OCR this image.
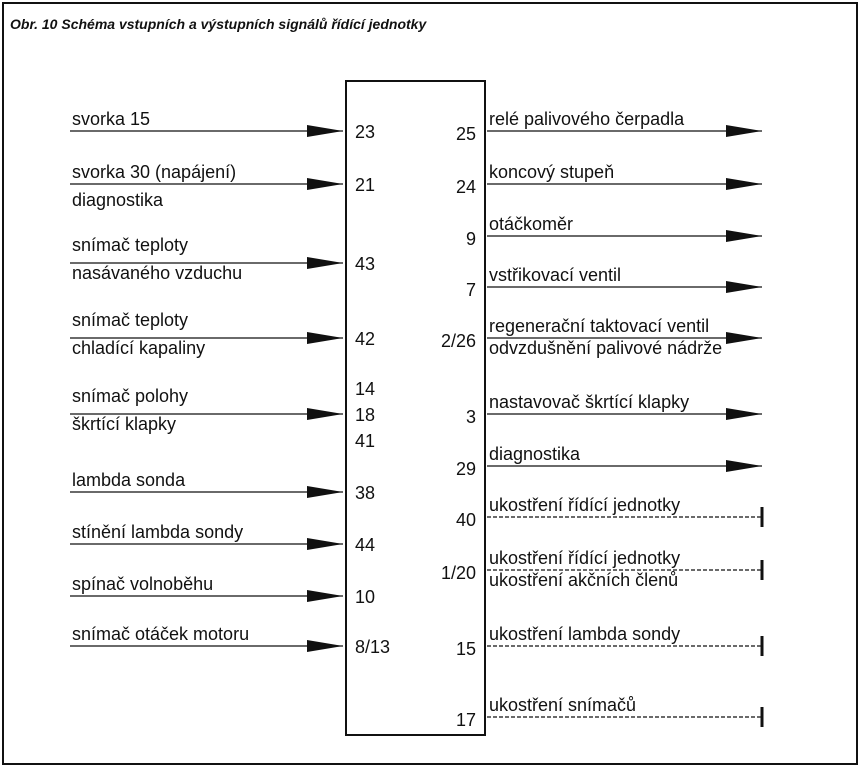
Obr. 10 Schéma vstupních a výstupních signálů řídící jednotky
svorka 15
23
svorka 30 (napájení)
diagnostika
21
snímač teploty
nasávaného vzduchu	43
snímač teploty
chladící kapaliny	42
snímač polohy
škrtící klapky
14
18
41
lambda sonda
38
stínění lambda sondy
44
spínač volnoběhu
10
snímač otáček motoru
8/13
relé palivového čerpadla
25
koncový stupeň
24
otáčkoměr
9
vstřikovací ventil
7
regenerační taktovací ventil
odvzdušnění palivové nádrže
2/26
nastavovač škrtící klapky
3
diagnostika
29
ukostření řídící jednotky
40
ukostření řídící jednotky
ukostření akčních členů
1/20
ukostření lambda sondy
15
ukostření snímačů
17
